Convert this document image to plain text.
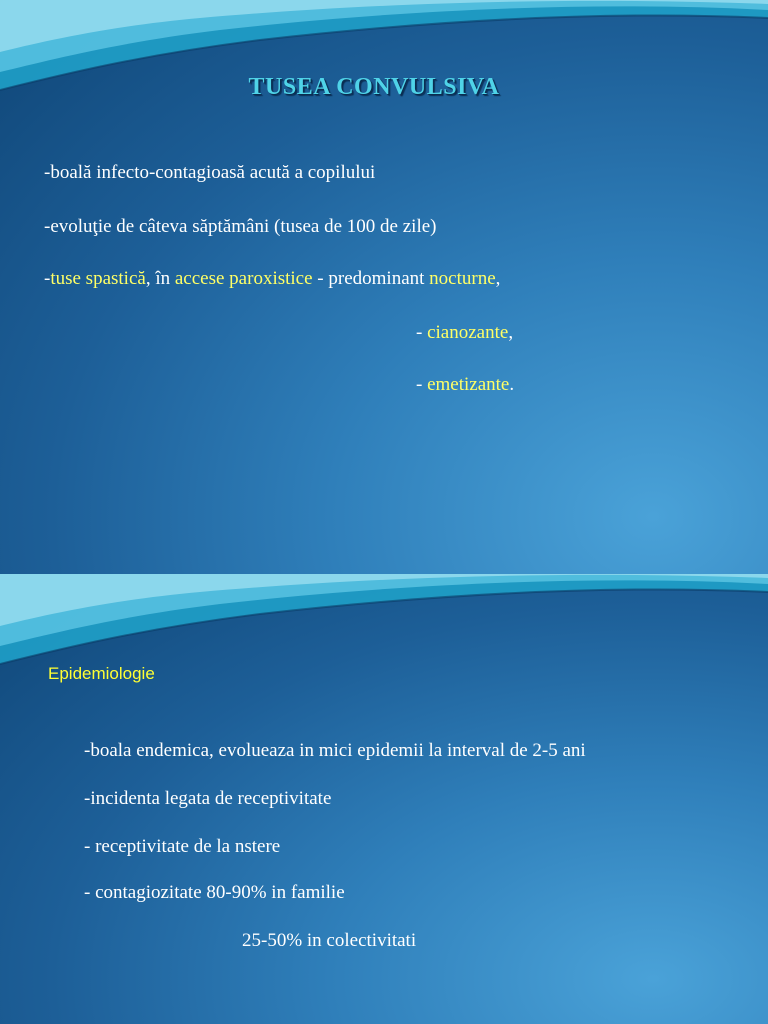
TUSEA CONVULSIVA
-boală infecto-contagioasă acută a copilului
-evoluţie de câteva săptămâni (tusea de 100 de zile)
-tuse spastică, în accese paroxistice - predominant nocturne,
- cianozante,
- emetizante.
Epidemiologie
-boala endemica, evolueaza in mici epidemii la interval de 2-5 ani
-incidenta legata de receptivitate
- receptivitate de la nstere
- contagiozitate 80-90% in familie
25-50% in colectivitati
